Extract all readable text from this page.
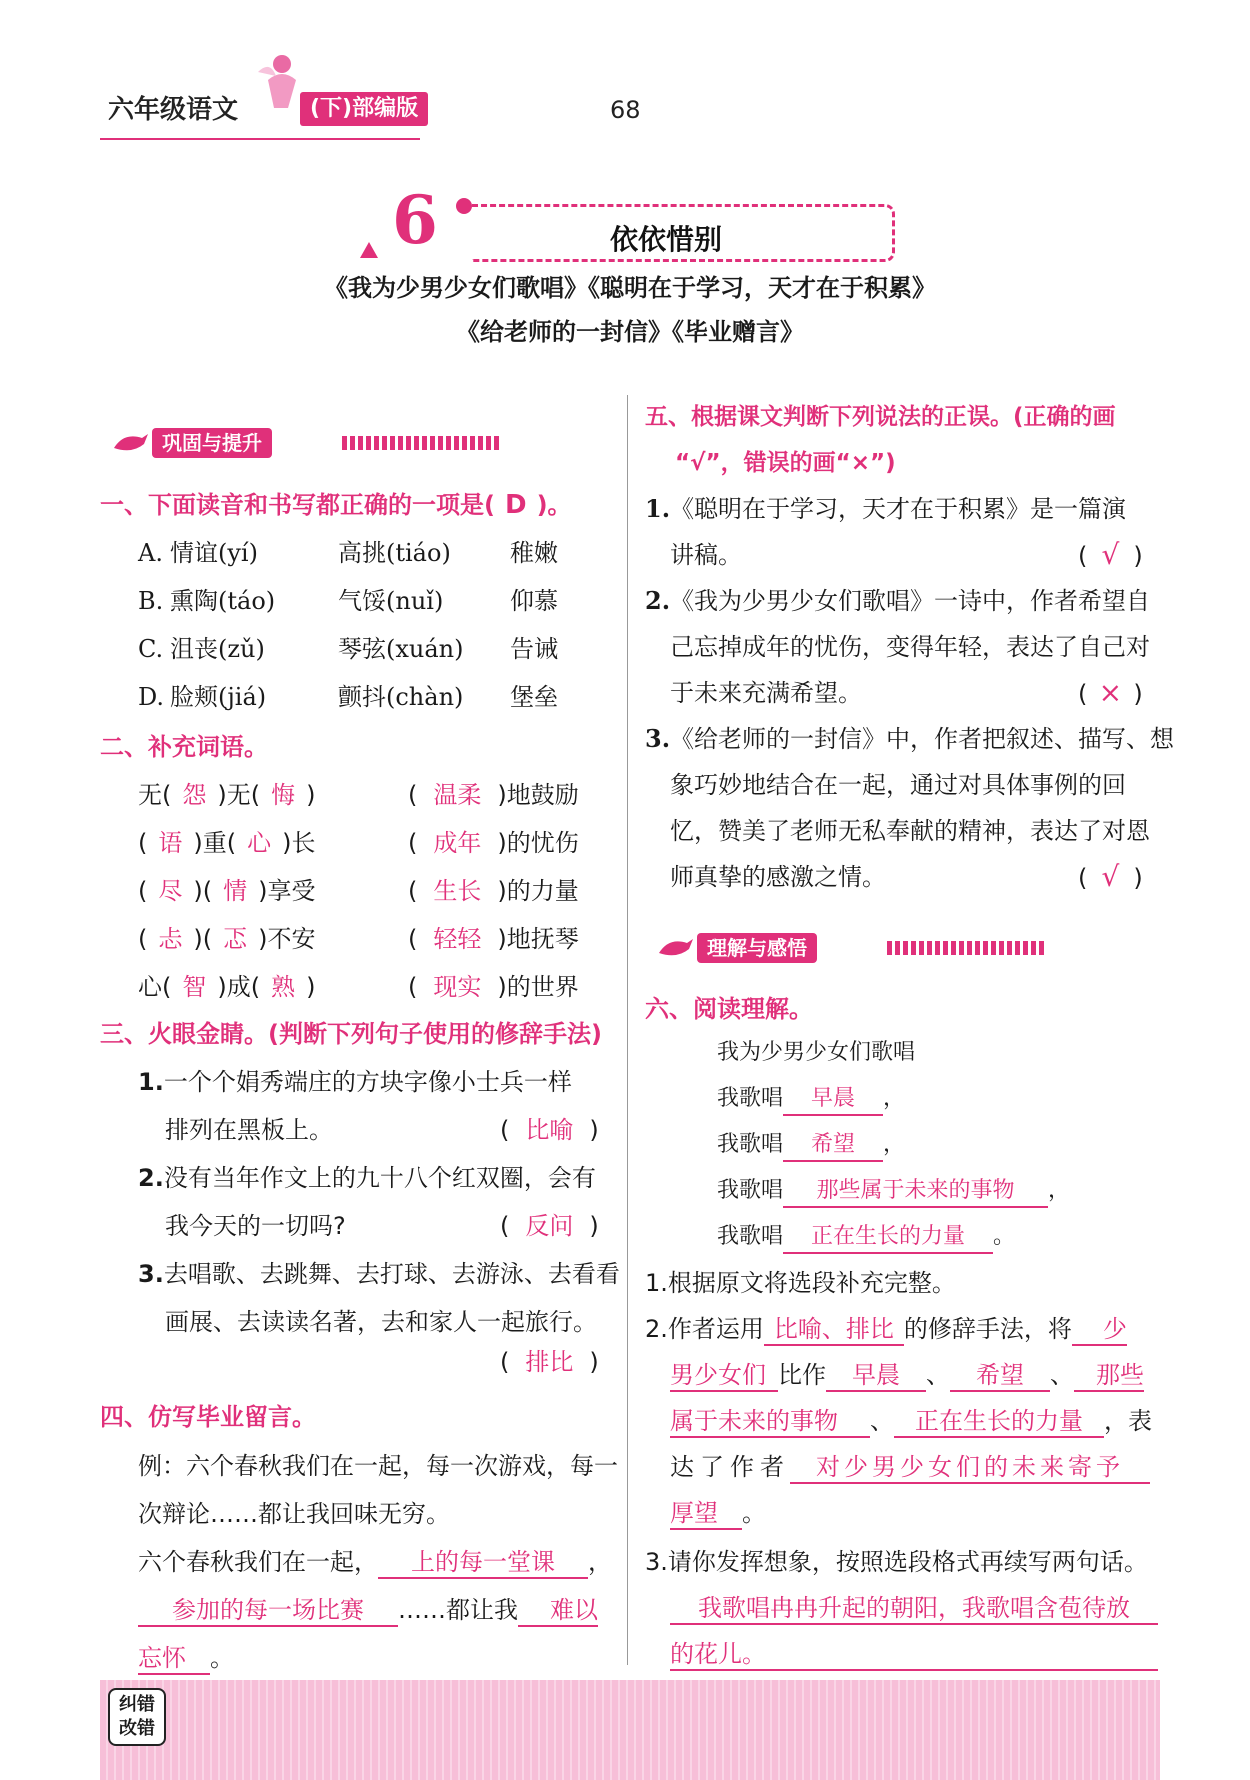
六年级语文	(下)部编版	68
6	依依惜别
《我为少男少女们歌唱》《聪明在于学习，天才在于积累》
《给老师的一封信》《毕业赠言》
巩固与提升
理解与感悟
一、下面读音和书写都正确的一项是( D )。
A. 情谊(yí)	高挑(tiáo) 稚嫩
B. 熏陶(táo)	气馁(nuǐ)	仰慕
C. 沮丧(zǔ)	琴弦(xuán) 告诫
D. 脸颊(jiá)	颤抖(chàn) 堡垒
二、补充词语。
无( 怨 )无( 悔 )	( 温柔 )地鼓励
( 语 )重( 心 )长	( 成年 )的忧伤
( 尽 )( 情 )享受	( 生长 )的力量
( 忐 )( 忑 )不安	( 轻轻 )地抚琴
心( 智 )成( 熟 )	( 现实 )的世界
三、火眼金睛。(判断下列句子使用的修辞手法)
1.一个个娟秀端庄的方块字像小士兵一样
排列在黑板上。	( 比喻 )
2.没有当年作文上的九十八个红双圈，会有
我今天的一切吗?	( 反问 )
3.去唱歌、去跳舞、去打球、去游泳、去看看
画展、去读读名著，去和家人一起旅行。
( 排比 )
四、仿写毕业留言。
例：六个春秋我们在一起，每一次游戏，每一
次辩论……都让我回味无穷。
六个春秋我们在一起， 上的每一堂课 ，
参加的每一场比赛 ……都让我 难以
忘怀 。
五、根据课文判断下列说法的正误。(正确的画
“√”，错误的画“×”)
1.《聪明在于学习，天才在于积累》是一篇演
讲稿。	( √ )
2.《我为少男少女们歌唱》一诗中，作者希望自
己忘掉成年的忧伤，变得年轻，表达了自己对
于未来充满希望。	( × )
3.《给老师的一封信》中，作者把叙述、描写、想
象巧妙地结合在一起，通过对具体事例的回
忆，赞美了老师无私奉献的精神，表达了对恩
师真挚的感激之情。	( √ )
六、阅读理解。
我为少男少女们歌唱
我歌唱 早晨 ，
我歌唱 希望 ，
我歌唱 那些属于未来的事物 ，
我歌唱 正在生长的力量 。
1.根据原文将选段补充完整。
2.作者运用 比喻、排比 的修辞手法，将 少
男少女们 比作 早晨 、 希望 、 那些
属于未来的事物 、 正在生长的力量 ，表
达了作者 对少男少女们的未来寄予
厚望 。
3.请你发挥想象，按照选段格式再续写两句话。
我歌唱冉冉升起的朝阳，我歌唱含苞待放
的花儿。
纠错
改错
